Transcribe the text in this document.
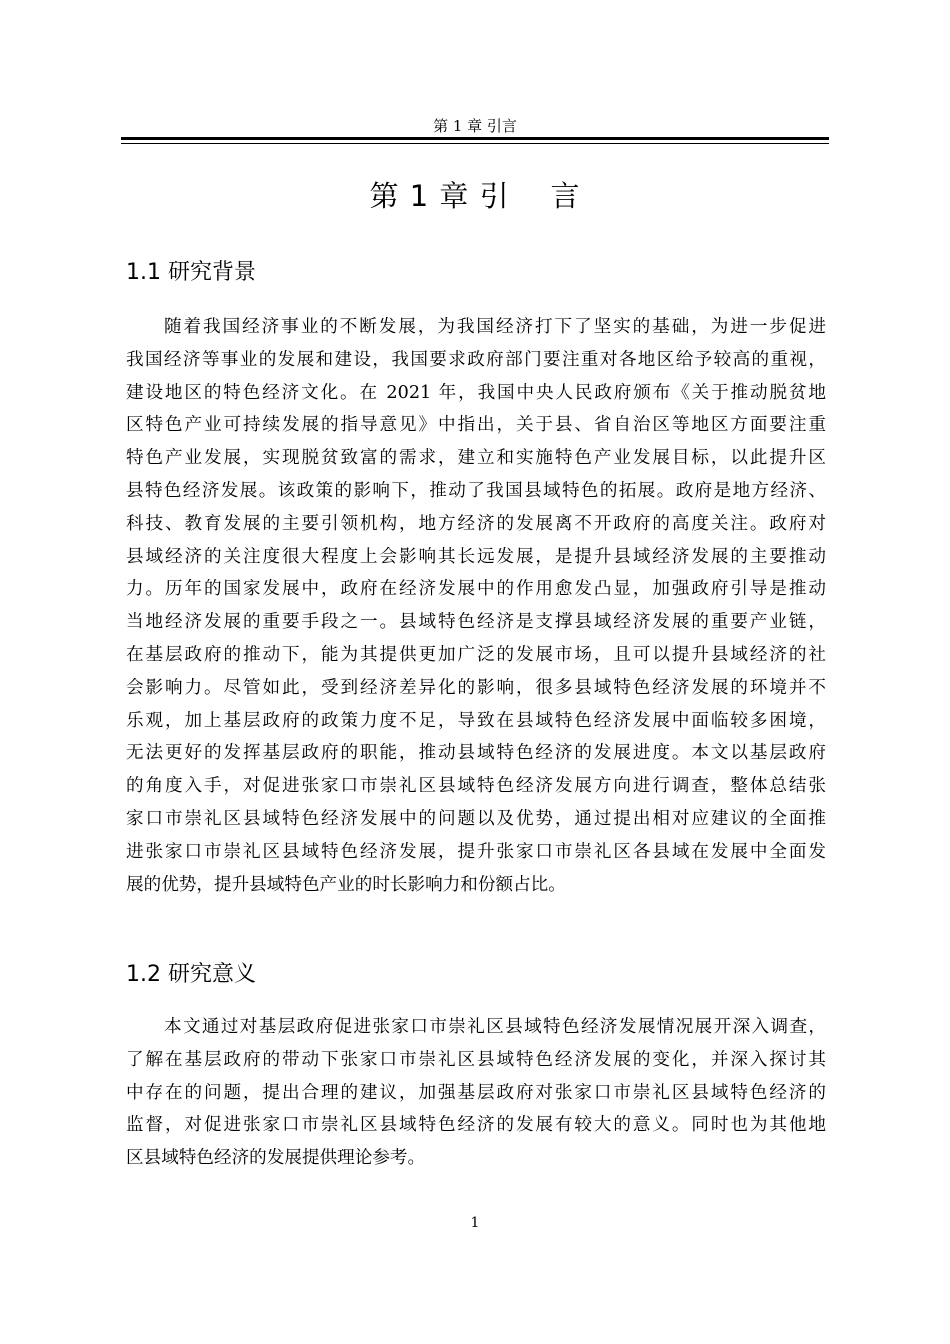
第 1 章 引言
第 1 章 引    言
1.1 研究背景
随着我国经济事业的不断发展，为我国经济打下了坚实的基础，为进一步促进
我国经济等事业的发展和建设，我国要求政府部门要注重对各地区给予较高的重视，
建设地区的特色经济文化。在 2021 年，我国中央人民政府颁布《关于推动脱贫地
区特色产业可持续发展的指导意见》中指出，关于县、省自治区等地区方面要注重
特色产业发展，实现脱贫致富的需求，建立和实施特色产业发展目标，以此提升区
县特色经济发展。该政策的影响下，推动了我国县域特色的拓展。政府是地方经济、
科技、教育发展的主要引领机构，地方经济的发展离不开政府的高度关注。政府对
县域经济的关注度很大程度上会影响其长远发展，是提升县域经济发展的主要推动
力。历年的国家发展中，政府在经济发展中的作用愈发凸显，加强政府引导是推动
当地经济发展的重要手段之一。县域特色经济是支撑县域经济发展的重要产业链，
在基层政府的推动下，能为其提供更加广泛的发展市场，且可以提升县域经济的社
会影响力。尽管如此，受到经济差异化的影响，很多县域特色经济发展的环境并不
乐观，加上基层政府的政策力度不足，导致在县域特色经济发展中面临较多困境，
无法更好的发挥基层政府的职能，推动县域特色经济的发展进度。本文以基层政府
的角度入手，对促进张家口市崇礼区县域特色经济发展方向进行调查，整体总结张
家口市崇礼区县域特色经济发展中的问题以及优势，通过提出相对应建议的全面推
进张家口市崇礼区县域特色经济发展，提升张家口市崇礼区各县域在发展中全面发
展的优势，提升县域特色产业的时长影响力和份额占比。
1.2 研究意义
本文通过对基层政府促进张家口市崇礼区县域特色经济发展情况展开深入调查，
了解在基层政府的带动下张家口市崇礼区县域特色经济发展的变化，并深入探讨其
中存在的问题，提出合理的建议，加强基层政府对张家口市崇礼区县域特色经济的
监督，对促进张家口市崇礼区县域特色经济的发展有较大的意义。同时也为其他地
区县域特色经济的发展提供理论参考。
1
